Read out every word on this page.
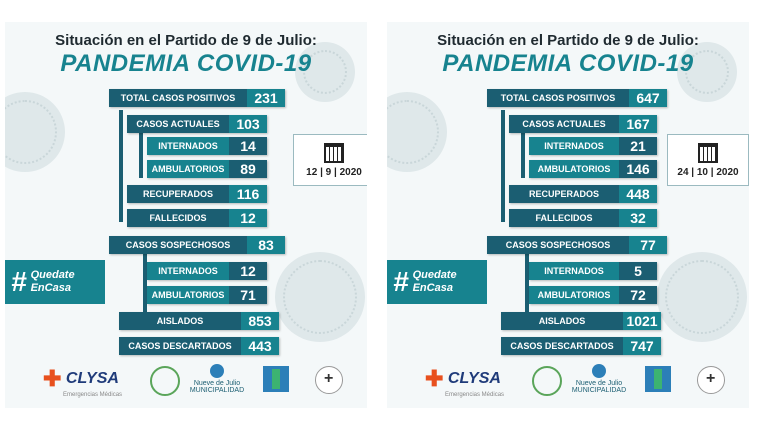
Situación en el Partido de 9 de Julio:
PANDEMIA COVID-19
TOTAL CASOS POSITIVOS	231
CASOS ACTUALES	103
INTERNADOS	14
AMBULATORIOS	89
RECUPERADOS	116
FALLECIDOS	12
CASOS SOSPECHOSOS	83
INTERNADOS	12
AMBULATORIOS	71
AISLADOS	853
CASOS DESCARTADOS	443
12 | 9 | 2020
# Quedate
EnCasa
✚ CLYSA
Emergencias Médicas
Nueve de Julio
MUNICIPALIDAD
+
Situación en el Partido de 9 de Julio:
PANDEMIA COVID-19
TOTAL CASOS POSITIVOS	647
CASOS ACTUALES	167
INTERNADOS	21
AMBULATORIOS	146
RECUPERADOS	448
FALLECIDOS	32
CASOS SOSPECHOSOS	77
INTERNADOS	5
AMBULATORIOS	72
AISLADOS	1021
CASOS DESCARTADOS	747
24 | 10 | 2020
# Quedate
EnCasa
✚ CLYSA
Emergencias Médicas
Nueve de Julio
MUNICIPALIDAD
+
